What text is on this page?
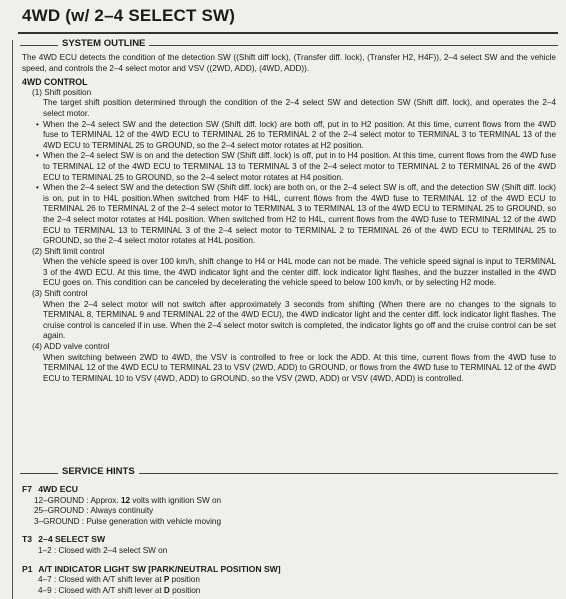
4WD (w/ 2–4 SELECT SW)
SYSTEM OUTLINE

The 4WD ECU detects the condition of the detection SW ((Shift diff lock), (Transfer diff. lock), (Transfer H2, H4F)), 2–4 select SW and the vehicle speed, and controls the 2–4 select motor and VSV ((2WD, ADD), (4WD, ADD)).

4WD CONTROL

(1) Shift position

The target shift position determined through the condition of the 2–4 select SW and detection SW (Shift diff. lock), and operates the 2–4 select motor.

• When the 2–4 select SW and the detection SW (Shift diff. lock) are both off, put in to H2 position. At this time, current flows from the 4WD fuse to TERMINAL 12 of the 4WD ECU to TERMINAL 26 to TERMINAL 2 of the 2–4 select motor to TERMINAL 3 to TERMINAL 13 of the 4WD ECU to TERMINAL 25 to GROUND, so the 2–4 select motor rotates at H2 position.
• When the 2–4 select SW is on and the detection SW (Shift diff. lock) is off, put in to H4 position. At this time, current flows from the 4WD fuse to TERMINAL 12 of the 4WD ECU to TERMINAL 13 to TERMINAL 3 of the 2–4 select motor to TERMINAL 2 to TERMINAL 26 of the 4WD ECU to TERMINAL 25 to GROUND, so the 2–4 select motor rotates at H4 position.
• When the 2–4 select SW and the detection SW (Shift diff. lock) are both on, or the 2–4 select SW is off, and the detection SW (Shift diff. lock) is on, put in to H4L position.When switched from H4F to H4L, current flows from the 4WD fuse to TERMINAL 12 of the 4WD ECU to TERMINAL 26 to TERMINAL 2 of the 2–4 select motor to TERMINAL 3 to TERMINAL 13 of the 4WD ECU to TERMINAL 25 to GROUND, so the 2–4 select motor rotates at H4L position. When switched from H2 to H4L, current flows from the 4WD fuse to TERMINAL 12 of the 4WD ECU to TERMINAL 13 to TERMINAL 3 of the 2–4 select motor to TERMINAL 2 to TERMINAL 26 of the 4WD ECU to TERMINAL 25 to GROUND, so the 2–4 select motor rotates at H4L position.

(2) Shift limit control

When the vehicle speed is over 100 km/h, shift change to H4 or H4L mode can not be made. The vehicle speed signal is input to TERMINAL 3 of the 4WD ECU. At this time, the 4WD indicator light and the center diff. lock indicator light flashes, and the buzzer installed in the 4WD ECU goes on. This condition can be canceled by decelerating the vehicle speed to below 100 km/h, or by selecting H2 mode.

(3) Shift control

When the 2–4 select motor will not switch after approximately 3 seconds from shifting (When there are no changes to the signals to TERMINAL 8, TERMINAL 9 and TERMINAL 22 of the 4WD ECU), the 4WD indicator light and the center diff. lock indicator light flashes. The cruise control is canceled if in use. When the 2–4 select motor switch is completed, the indicator lights go off and the cruise control can be set again.

(4) ADD valve control

When switching between 2WD to 4WD, the VSV is controlled to free or lock the ADD. At this time, current flows from the 4WD fuse to TERMINAL 12 of the 4WD ECU to TERMINAL 23 to VSV (2WD, ADD) to GROUND, or flows from the 4WD fuse to TERMINAL 12 of the 4WD ECU to TERMINAL 10 to VSV (4WD, ADD) to GROUND, so the VSV (2WD, ADD) or VSV (4WD, ADD) is controlled.

SERVICE HINTS
F7 4WD ECU
12–GROUND : Approx. 12 volts with ignition SW on
25–GROUND : Always continuity
3–GROUND : Pulse generation with vehicle moving
T3 2–4 SELECT SW
1–2 : Closed with 2–4 select SW on
P1 A/T INDICATOR LIGHT SW [PARK/NEUTRAL POSITION SW]
4–7 : Closed with A/T shift lever at P position
4–9 : Closed with A/T shift lever at D position
